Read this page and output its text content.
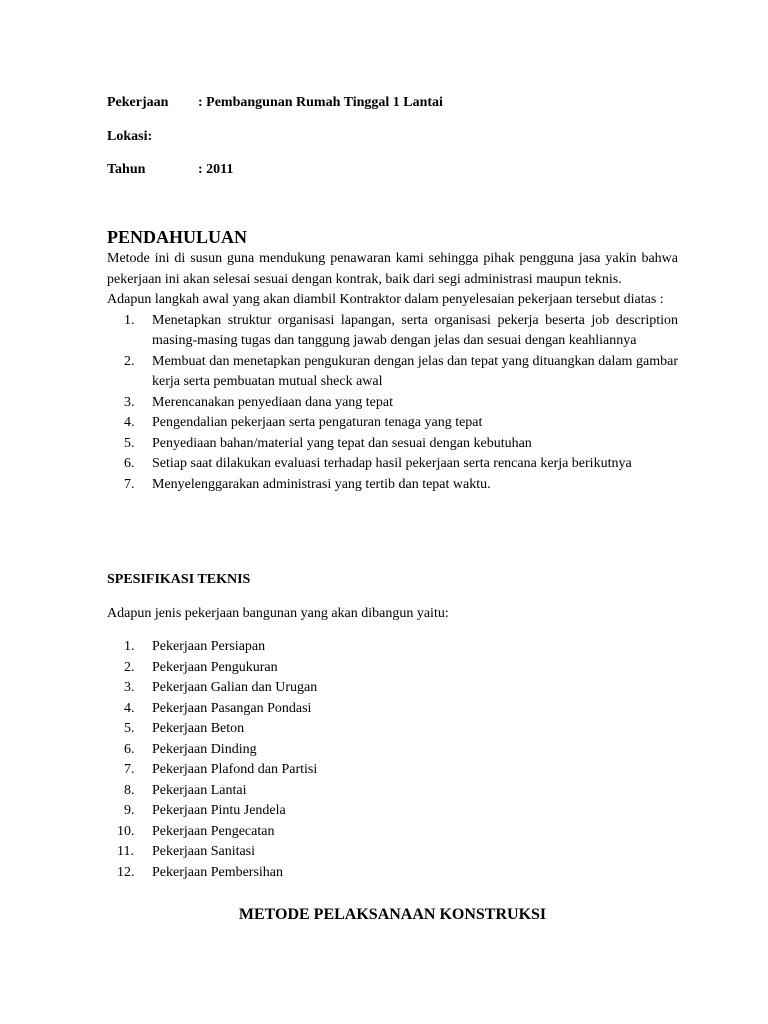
Pekerjaan : Pembangunan Rumah Tinggal 1 Lantai
Lokasi:
Tahun	: 2011
PENDAHULUAN

Metode ini di susun guna mendukung penawaran kami sehingga pihak pengguna jasa yakin bahwa pekerjaan ini akan selesai sesuai dengan kontrak, baik dari segi administrasi maupun teknis.

Adapun langkah awal yang akan diambil Kontraktor dalam penyelesaian pekerjaan tersebut diatas :

1. Menetapkan struktur organisasi lapangan, serta organisasi pekerja beserta job description masing-masing tugas dan tanggung jawab dengan jelas dan sesuai dengan keahliannya
2. Membuat dan menetapkan pengukuran dengan jelas dan tepat yang dituangkan dalam gambar kerja serta pembuatan mutual sheck awal
3. Merencanakan penyediaan dana yang tepat
4. Pengendalian pekerjaan serta pengaturan tenaga yang tepat
5. Penyediaan bahan/material yang tepat dan sesuai dengan kebutuhan
6. Setiap saat dilakukan evaluasi terhadap hasil pekerjaan serta rencana kerja berikutnya
7. Menyelenggarakan administrasi yang tertib dan tepat waktu.
SPESIFIKASI TEKNIS
Adapun jenis pekerjaan bangunan yang akan dibangun yaitu:
1. Pekerjaan Persiapan
2. Pekerjaan Pengukuran
3. Pekerjaan Galian dan Urugan
4. Pekerjaan Pasangan Pondasi
5. Pekerjaan Beton
6. Pekerjaan Dinding
7. Pekerjaan Plafond dan Partisi
8. Pekerjaan Lantai
9. Pekerjaan Pintu Jendela
10. Pekerjaan Pengecatan
11. Pekerjaan Sanitasi
12. Pekerjaan Pembersihan
METODE PELAKSANAAN KONSTRUKSI
